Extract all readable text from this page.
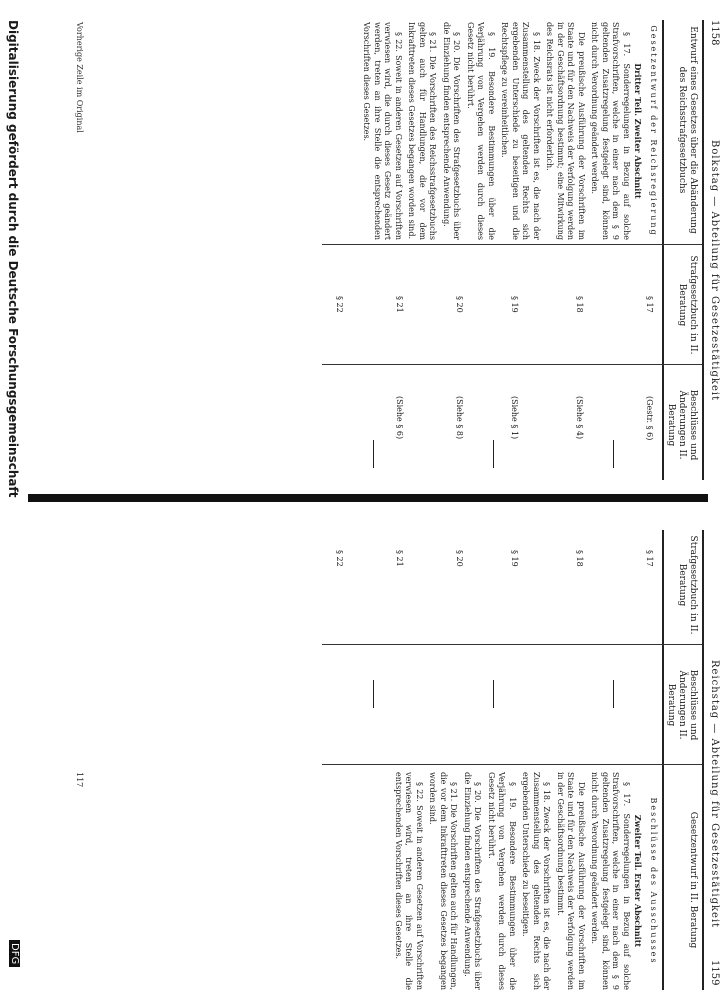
1158
Bolkstag — Abteilung für Gesetzestätigkeit
Entwurf eines Gesetzes über die Abänderung des Reichsstrafgesetzbuchs
Strafgesetzbuch in II. Beratung
Beschlüsse und Änderungen II. Beratung

Gesetzentwurf der Reichsregierung

Dritter Teil. Zweiter Abschnitt

§ 17. Sonderregelungen in Bezug auf solche Strafvorschriften, welche in einer nach dem § 9 geltenden Zusatzregelung festgelegt sind, können nicht durch Verordnung geändert werden.

Die preußische Ausführung der Vorschriften im Staate und für den Nachweis der Verfolgung werden in der Geschäftsordnung bestimmt; eine Mitwirkung des Reichsrats ist nicht erforderlich.

§ 18. Zweck der Vorschriften ist es, die nach der Zusammenstellung des geltenden Rechts sich ergebenden Unterschiede zu beseitigen und die Rechtspflege zu vereinheitlichen.

§ 19. Besondere Bestimmungen über die Verjährung von Vergehen werden durch dieses Gesetz nicht berührt.

§ 20. Die Vorschriften des Strafgesetzbuchs über die Einziehung finden entsprechende Anwendung.

§ 21. Die Vorschriften des Reichsstrafgesetzbuchs gelten auch für Handlungen, die vor dem Inkrafttreten dieses Gesetzes begangen worden sind.

§ 22. Soweit in anderen Gesetzen auf Vorschriften verwiesen wird, die durch dieses Gesetz geändert werden, treten an ihre Stelle die entsprechenden Vorschriften dieses Gesetzes.

§ 17
§ 18
§ 19
§ 20
§ 21
§ 22
(Gestr. § 6)
(Siehe § 4)
(Siehe § 1)
(Siehe § 8)
(Siehe § 6)
Vorherige Zeile im Original
Reichstag — Abteilung für Gesetzestätigkeit
1159
Strafgesetzbuch in II. Beratung
Beschlüsse und Änderungen II. Beratung
Gesetzentwurf in II. Beratung
§ 17
§ 18
§ 19
§ 20
§ 21
§ 22

Beschlüsse des Ausschusses

Zweiter Teil. Erster Abschnitt

§ 17. Sonderregelungen in Bezug auf solche Strafvorschriften, welche in einer nach dem § 9 geltenden Zusatzregelung festgelegt sind, können nicht durch Verordnung geändert werden.

Die preußische Ausführung der Vorschriften im Staate und für den Nachweis der Verfolgung werden in der Geschäftsordnung bestimmt.

§ 18. Zweck der Vorschriften ist es, die nach der Zusammenstellung des geltenden Rechts sich ergebenden Unterschiede zu beseitigen.

§ 19. Besondere Bestimmungen über die Verjährung von Vergehen werden durch dieses Gesetz nicht berührt.

§ 20. Die Vorschriften des Strafgesetzbuchs über die Einziehung finden entsprechende Anwendung.

§ 21. Die Vorschriften gelten auch für Handlungen, die vor dem Inkrafttreten dieses Gesetzes begangen worden sind.

§ 22. Soweit in anderen Gesetzen auf Vorschriften verwiesen wird, treten an ihre Stelle die entsprechenden Vorschriften dieses Gesetzes.

117
Digitalisierung gefördert durch die Deutsche Forschungsgemeinschaft
DFG
